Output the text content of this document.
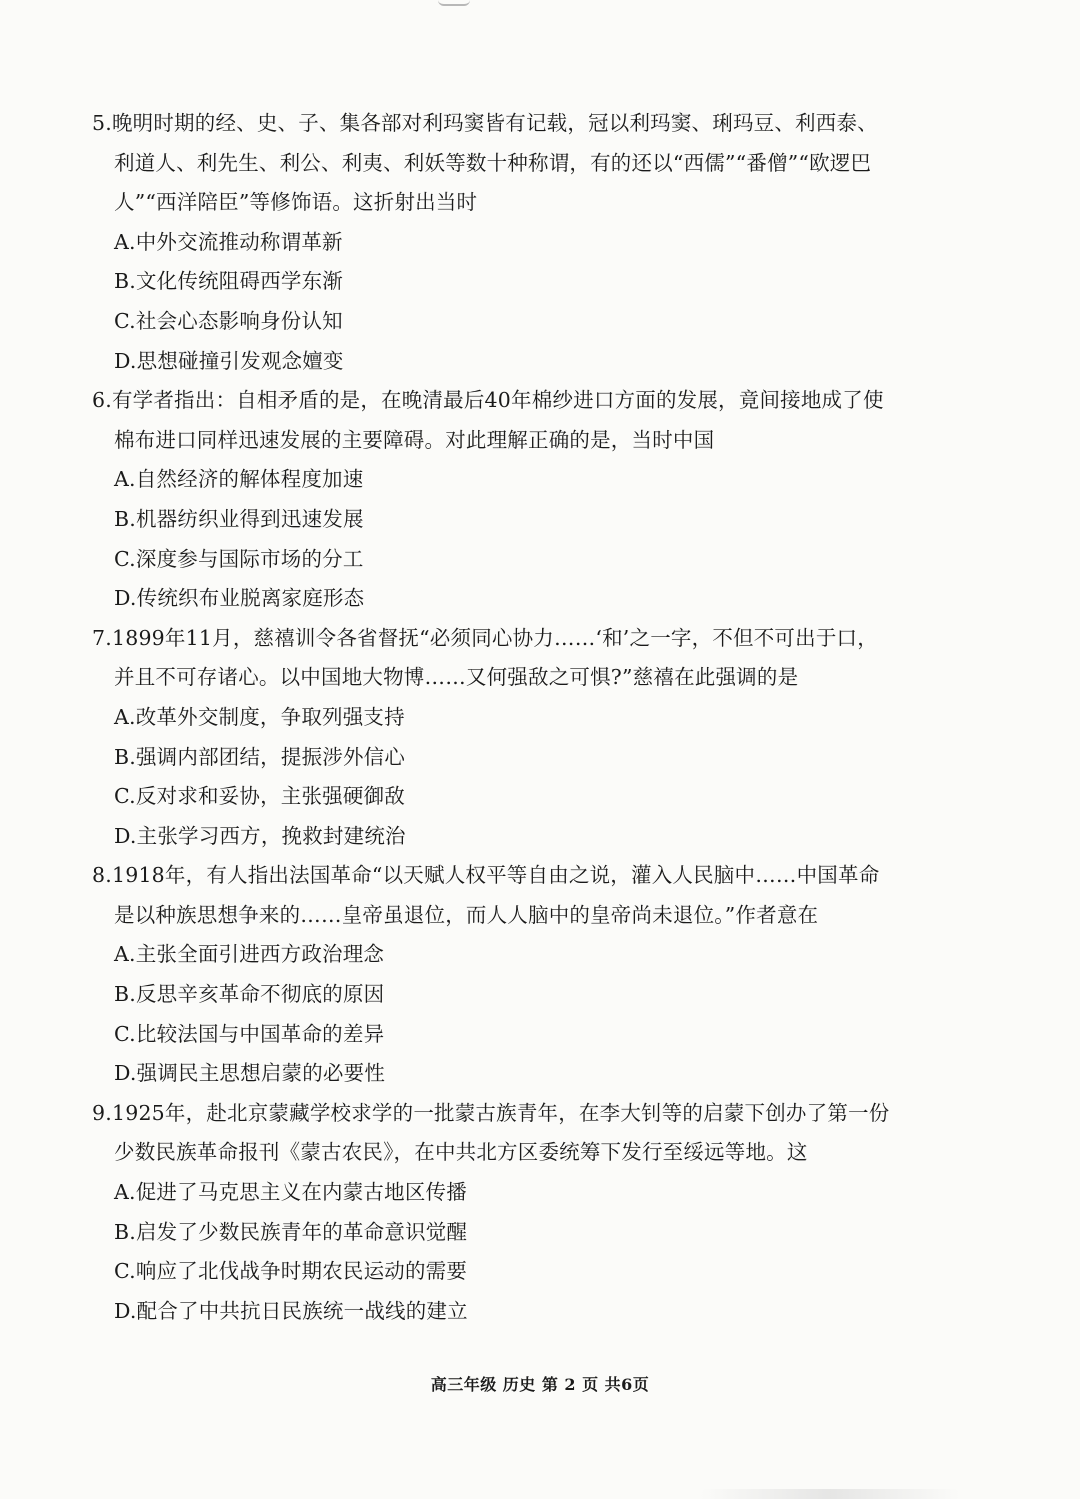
5.晚明时期的经、史、子、集各部对利玛窦皆有记载，冠以利玛窦、琍玛豆、利西泰、利道人、利先生、利公、利夷、利妖等数十种称谓，有的还以“西儒”“番僧”“欧逻巴人”“西洋陪臣”等修饰语。这折射出当时

A.中外交流推动称谓革新
B.文化传统阻碍西学东渐
C.社会心态影响身份认知
D.思想碰撞引发观念嬗变

6.有学者指出：自相矛盾的是，在晚清最后40年棉纱进口方面的发展，竟间接地成了使棉布进口同样迅速发展的主要障碍。对此理解正确的是，当时中国

A.自然经济的解体程度加速
B.机器纺织业得到迅速发展
C.深度参与国际市场的分工
D.传统织布业脱离家庭形态

7.1899年11月，慈禧训令各省督抚“必须同心协力……‘和’之一字，不但不可出于口，并且不可存诸心。以中国地大物博……又何强敌之可惧?”慈禧在此强调的是

A.改革外交制度，争取列强支持
B.强调内部团结，提振涉外信心
C.反对求和妥协，主张强硬御敌
D.主张学习西方，挽救封建统治

8.1918年，有人指出法国革命“以天赋人权平等自由之说，灌入人民脑中……中国革命是以种族思想争来的……皇帝虽退位，而人人脑中的皇帝尚未退位。”作者意在

A.主张全面引进西方政治理念
B.反思辛亥革命不彻底的原因
C.比较法国与中国革命的差异
D.强调民主思想启蒙的必要性

9.1925年，赴北京蒙藏学校求学的一批蒙古族青年，在李大钊等的启蒙下创办了第一份少数民族革命报刊《蒙古农民》，在中共北方区委统筹下发行至绥远等地。这

A.促进了马克思主义在内蒙古地区传播
B.启发了少数民族青年的革命意识觉醒
C.响应了北伐战争时期农民运动的需要
D.配合了中共抗日民族统一战线的建立
高三年级 历史 第 2 页 共6页
